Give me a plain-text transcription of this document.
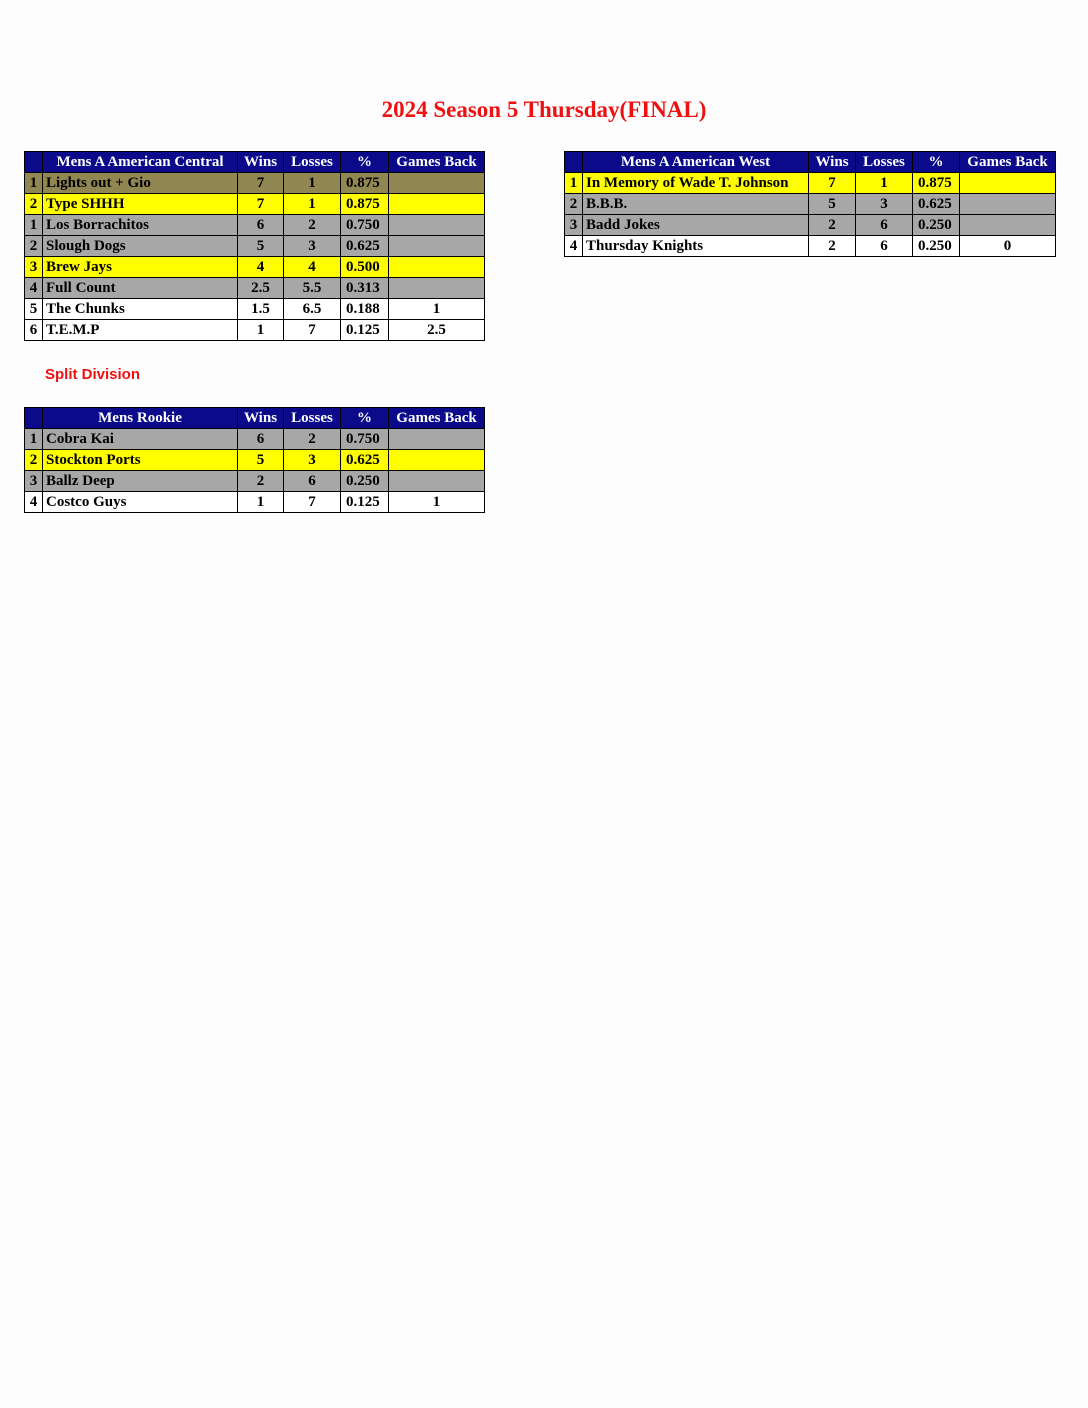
2024 Season 5 Thursday(FINAL)
	Mens A American Central	Wins	Losses	%	Games Back
1	Lights out + Gio	7	1	0.875	
2	Type SHHH	7	1	0.875	
1	Los Borrachitos	6	2	0.750	
2	Slough Dogs	5	3	0.625	
3	Brew Jays	4	4	0.500	
4	Full Count	2.5	5.5	0.313	
5	The Chunks	1.5	6.5	0.188	1
6	T.E.M.P	1	7	0.125	2.5
Split Division
	Mens A American West	Wins	Losses	%	Games Back
1	In Memory of Wade T. Johnson	7	1	0.875	
2	B.B.B.	5	3	0.625	
3	Badd Jokes	2	6	0.250	
4	Thursday Knights	2	6	0.250	0
	Mens Rookie	Wins	Losses	%	Games Back
1	Cobra Kai	6	2	0.750	
2	Stockton Ports	5	3	0.625	
3	Ballz Deep	2	6	0.250	
4	Costco Guys	1	7	0.125	1
